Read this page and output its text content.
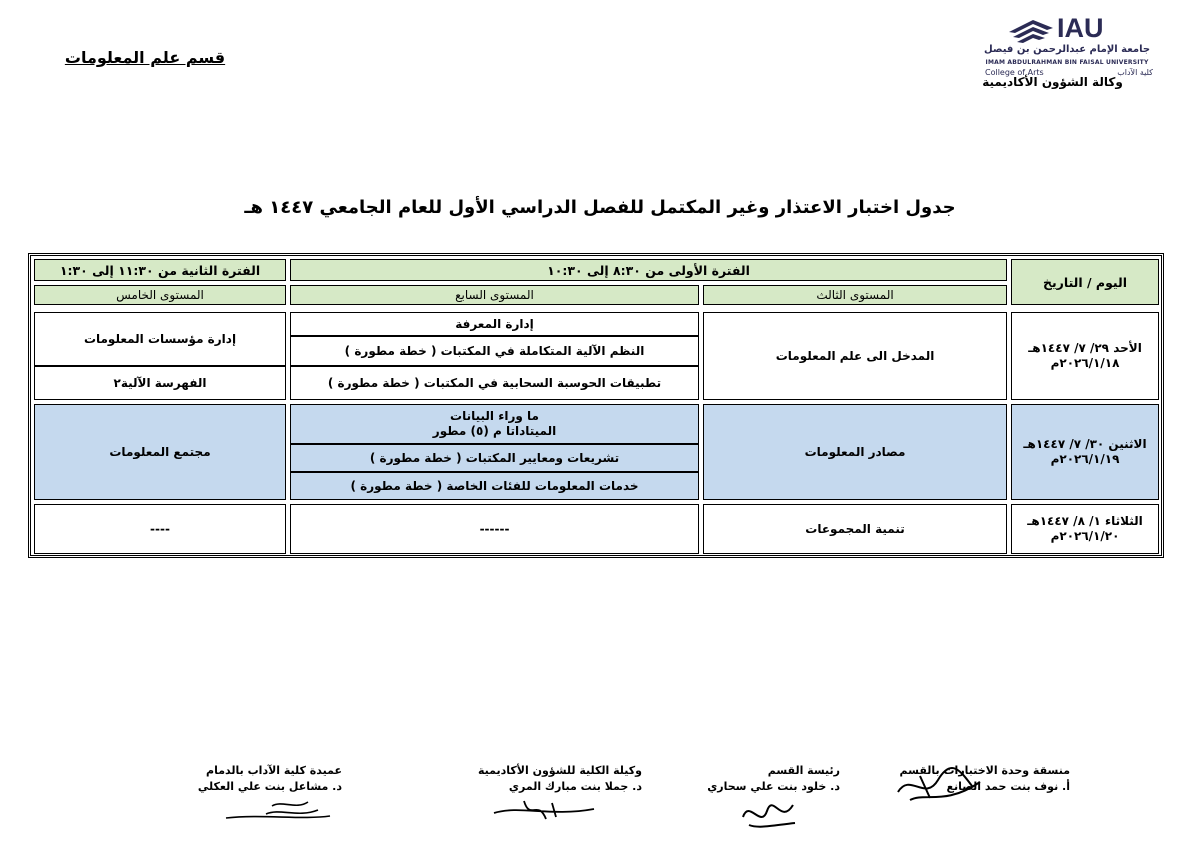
قسم علم المعلومات
IAU
جامعة الإمام عبدالرحمن بن فيصل
IMAM ABDULRAHMAN BIN FAISAL UNIVERSITY
College of Arts	كلية الآداب
وكالة الشؤون الأكاديمية
جدول اختبار الاعتذار وغير المكتمل للفصل الدراسي الأول للعام الجامعي ١٤٤٧ هـ
اليوم / التاريخ
الفترة الأولى من ٨:٣٠ إلى ١٠:٣٠
الفترة الثانية من ١١:٣٠ إلى ١:٣٠
المستوى الثالث
المستوى السابع
المستوى الخامس
الأحد ٢٩/ ٧/ ١٤٤٧هـ
٢٠٢٦/١/١٨م
المدخل الى علم المعلومات
إدارة المعرفة
النظم الآلية المتكاملة في المكتبات ( خطة مطورة )
تطبيقات الحوسبة السحابية في المكتبات ( خطة مطورة )
إدارة مؤسسات المعلومات
الفهرسة الآلية٢
الاثنين ٣٠/ ٧/ ١٤٤٧هـ
٢٠٢٦/١/١٩م
مصادر المعلومات
ما وراء البيانات
الميتاداتا م (٥) مطور
تشريعات ومعايير المكتبات ( خطة مطورة )
خدمات المعلومات للفئات الخاصة ( خطة مطورة )
مجتمع المعلومات
الثلاثاء ١/ ٨/ ١٤٤٧هـ
٢٠٢٦/١/٢٠م
تنمية المجموعات
------
----
منسقة وحدة الاختبارات بالقسم
أ. نوف بنت حمد الصانع
رئيسة القسم
د. خلود بنت علي سحاري
وكيلة الكلية للشؤون الأكاديمية
د. جملا بنت مبارك المري
عميدة كلية الآداب بالدمام
د. مشاعل بنت علي العكلي
